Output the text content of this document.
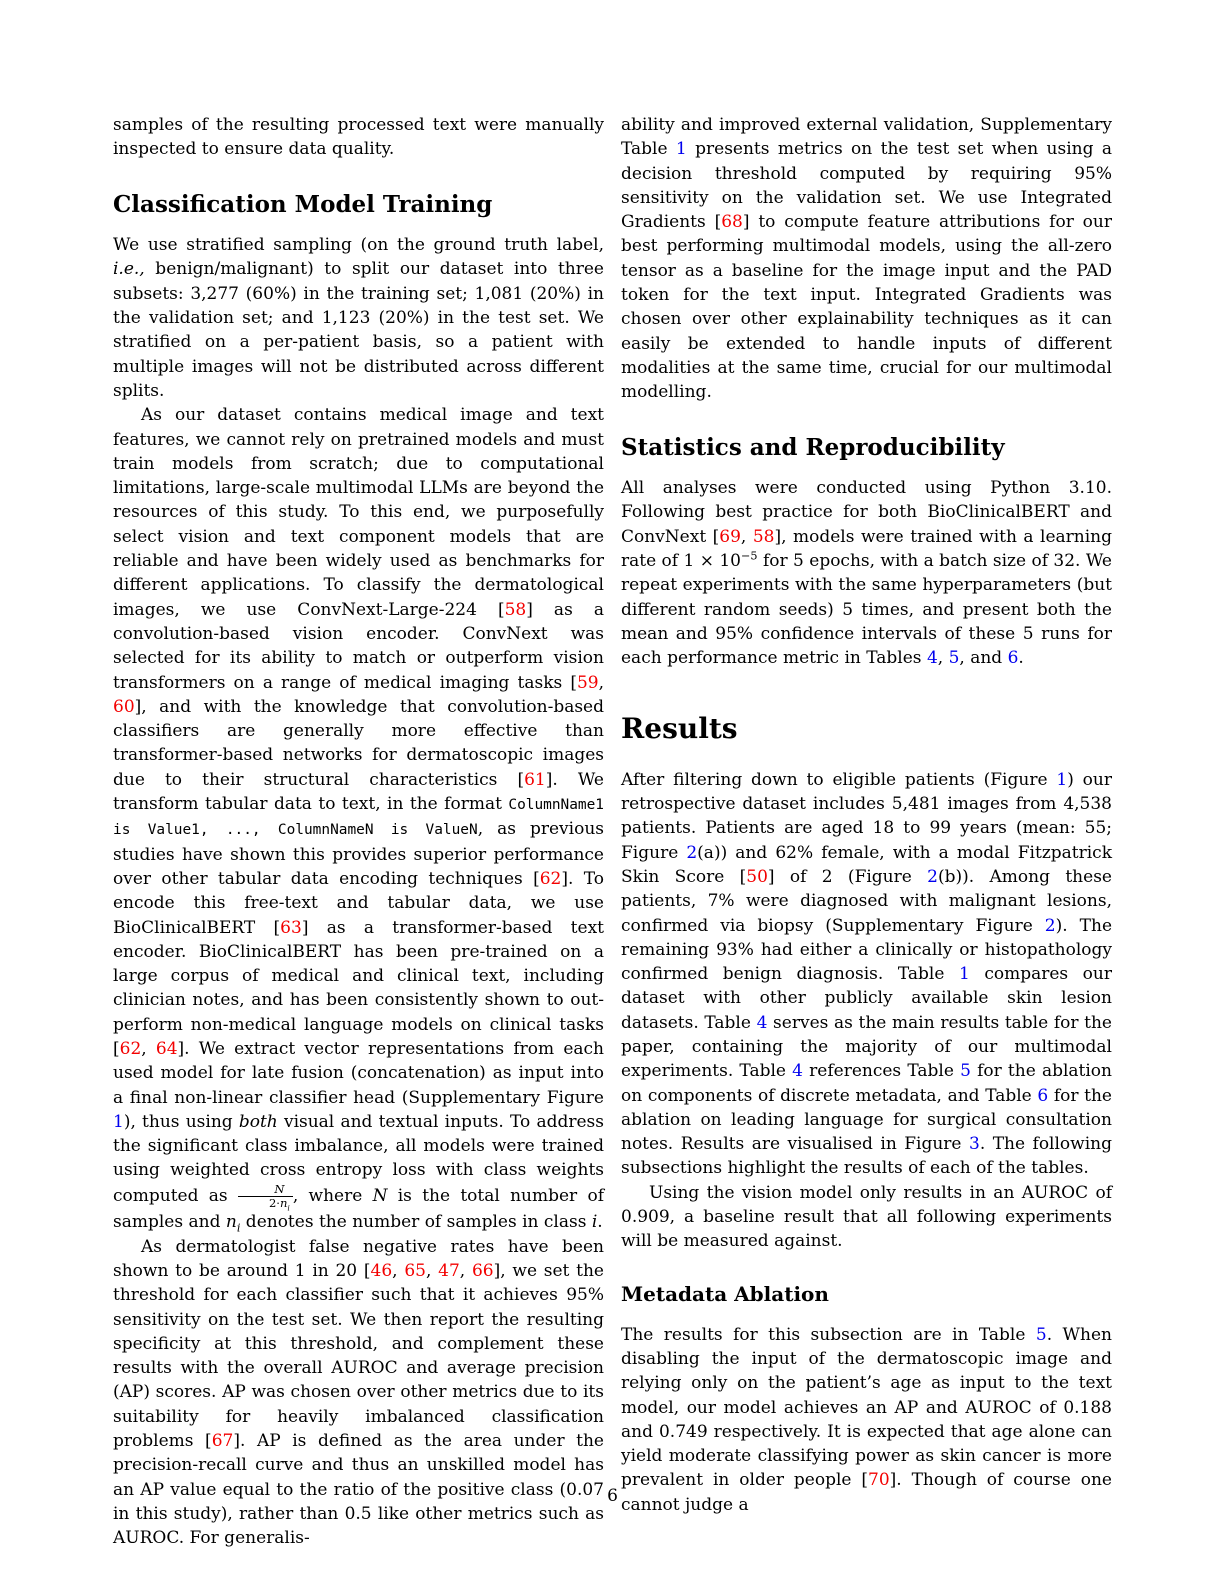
samples of the resulting processed text were manually inspected to ensure data quality.

Classification Model Training

We use stratified sampling (on the ground truth label, i.e., benign/malignant) to split our dataset into three subsets: 3,277 (60%) in the training set; 1,081 (20%) in the validation set; and 1,123 (20%) in the test set. We stratified on a per-patient basis, so a patient with multiple images will not be distributed across different splits.

As our dataset contains medical image and text features, we cannot rely on pretrained models and must train models from scratch; due to computational limitations, large-scale multimodal LLMs are beyond the resources of this study. To this end, we purposefully select vision and text component models that are reliable and have been widely used as benchmarks for different applications. To classify the dermatological images, we use ConvNext-Large-224 [58] as a convolution-based vision encoder. ConvNext was selected for its ability to match or outperform vision transformers on a range of medical imaging tasks [59, 60], and with the knowledge that convolution-based classifiers are generally more effective than transformer-based networks for dermatoscopic images due to their structural characteristics [61]. We transform tabular data to text, in the format ColumnName1 is Value1, ..., ColumnNameN is ValueN, as previous studies have shown this provides superior performance over other tabular data encoding techniques [62]. To encode this free-text and tabular data, we use BioClinicalBERT [63] as a transformer-based text encoder. BioClinicalBERT has been pre-trained on a large corpus of medical and clinical text, including clinician notes, and has been consistently shown to out-perform non-medical language models on clinical tasks [62, 64]. We extract vector representations from each used model for late fusion (concatenation) as input into a final non-linear classifier head (Supplementary Figure 1), thus using both visual and textual inputs. To address the significant class imbalance, all models were trained using weighted cross entropy loss with class weights computed as $\frac{N}{2\cdot n_i}$ , where N is the total number of samples and $n_i$ denotes the number of samples in class i.

As dermatologist false negative rates have been shown to be around 1 in 20 [46, 65, 47, 66], we set the threshold for each classifier such that it achieves 95% sensitivity on the test set. We then report the resulting specificity at this threshold, and complement these results with the overall AUROC and average precision (AP) scores. AP was chosen over other metrics due to its suitability for heavily imbalanced classification problems [67]. AP is defined as the area under the precision-recall curve and thus an unskilled model has an AP value equal to the ratio of the positive class (0.07 in this study), rather than 0.5 like other metrics such as AUROC. For generalis-

ability and improved external validation, Supplementary Table 1 presents metrics on the test set when using a decision threshold computed by requiring 95% sensitivity on the validation set. We use Integrated Gradients [68] to compute feature attributions for our best performing multimodal models, using the all-zero tensor as a baseline for the image input and the PAD token for the text input. Integrated Gradients was chosen over other explainability techniques as it can easily be extended to handle inputs of different modalities at the same time, crucial for our multimodal modelling.

Statistics and Reproducibility

All analyses were conducted using Python 3.10. Following best practice for both BioClinicalBERT and ConvNext [69, 58], models were trained with a learning rate of $1 \times 10^{-5}$ for 5 epochs, with a batch size of 32. We repeat experiments with the same hyperparameters (but different random seeds) 5 times, and present both the mean and 95% confidence intervals of these 5 runs for each performance metric in Tables 4, 5, and 6.

Results

After filtering down to eligible patients (Figure 1) our retrospective dataset includes 5,481 images from 4,538 patients. Patients are aged 18 to 99 years (mean: 55; Figure 2(a)) and 62% female, with a modal Fitzpatrick Skin Score [50] of 2 (Figure 2(b)). Among these patients, 7% were diagnosed with malignant lesions, confirmed via biopsy (Supplementary Figure 2). The remaining 93% had either a clinically or histopathology confirmed benign diagnosis. Table 1 compares our dataset with other publicly available skin lesion datasets. Table 4 serves as the main results table for the paper, containing the majority of our multimodal experiments. Table 4 references Table 5 for the ablation on components of discrete metadata, and Table 6 for the ablation on leading language for surgical consultation notes. Results are visualised in Figure 3. The following subsections highlight the results of each of the tables.

Using the vision model only results in an AUROC of 0.909, a baseline result that all following experiments will be measured against.

Metadata Ablation

The results for this subsection are in Table 5. When disabling the input of the dermatoscopic image and relying only on the patient’s age as input to the text model, our model achieves an AP and AUROC of 0.188 and 0.749 respectively. It is expected that age alone can yield moderate classifying power as skin cancer is more prevalent in older people [70]. Though of course one cannot judge a

6
